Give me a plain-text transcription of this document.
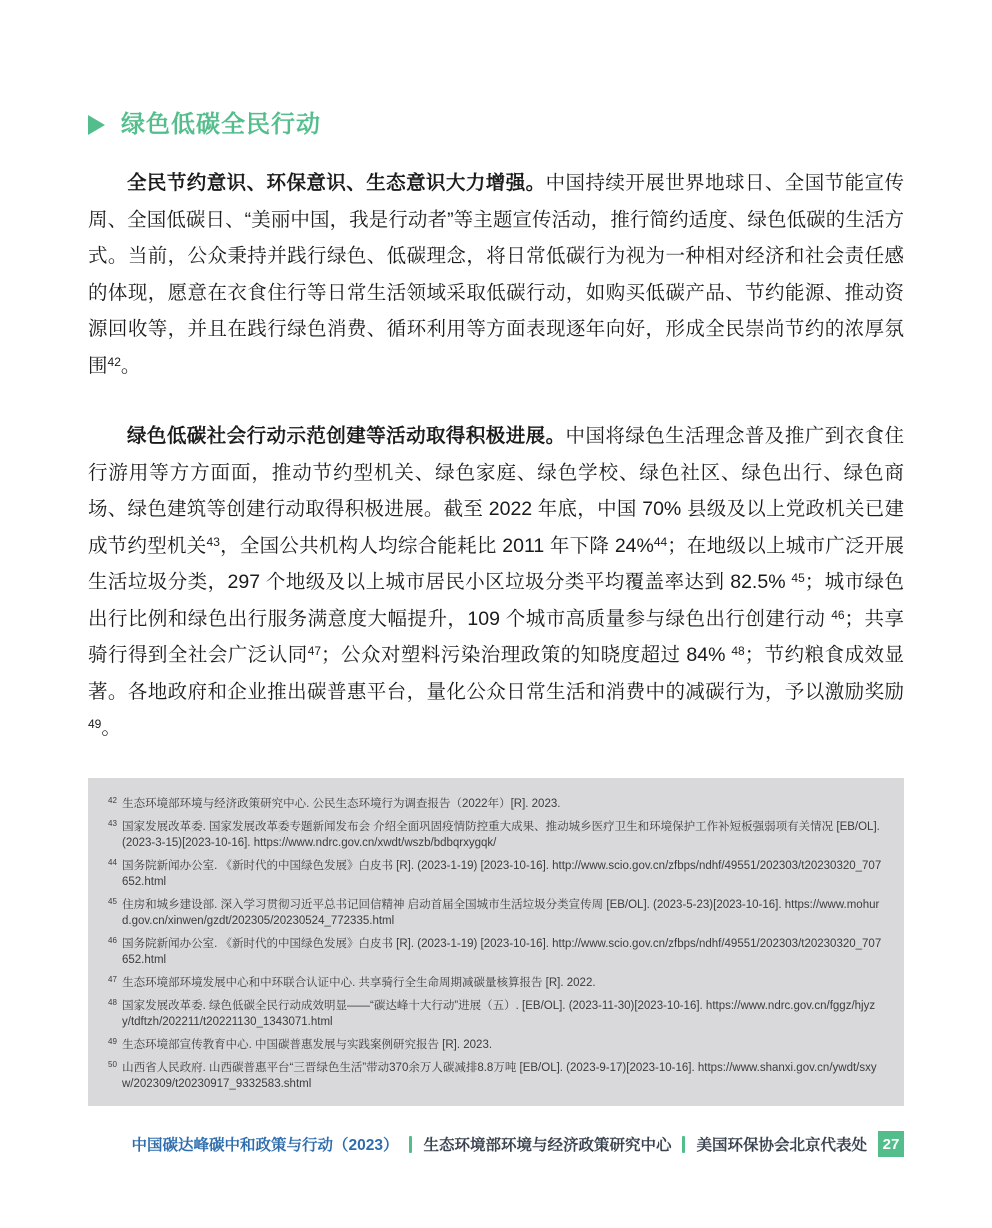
绿色低碳全民行动

全民节约意识、环保意识、生态意识大力增强。中国持续开展世界地球日、全国节能宣传周、全国低碳日、“美丽中国，我是行动者”等主题宣传活动，推行简约适度、绿色低碳的生活方式。当前，公众秉持并践行绿色、低碳理念，将日常低碳行为视为一种相对经济和社会责任感的体现，愿意在衣食住行等日常生活领域采取低碳行动，如购买低碳产品、节约能源、推动资源回收等，并且在践行绿色消费、循环利用等方面表现逐年向好，形成全民崇尚节约的浓厚氛围$^{42}$。

绿色低碳社会行动示范创建等活动取得积极进展。中国将绿色生活理念普及推广到衣食住行游用等方方面面，推动节约型机关、绿色家庭、绿色学校、绿色社区、绿色出行、绿色商场、绿色建筑等创建行动取得积极进展。截至 2022 年底，中国 70% 县级及以上党政机关已建成节约型机关$^{43}$，全国公共机构人均综合能耗比 2011 年下降 24%$^{44}$；在地级以上城市广泛开展生活垃圾分类，297 个地级及以上城市居民小区垃圾分类平均覆盖率达到 82.5% $^{45}$；城市绿色出行比例和绿色出行服务满意度大幅提升，109 个城市高质量参与绿色出行创建行动 $^{46}$；共享骑行得到全社会广泛认同$^{47}$；公众对塑料污染治理政策的知晓度超过 84% $^{48}$；节约粮食成效显著。各地政府和企业推出碳普惠平台，量化公众日常生活和消费中的减碳行为，予以激励奖励$^{49}$。

$^{42}$ 生态环境部环境与经济政策研究中心. 公民生态环境行为调查报告（2022年）[R]. 2023.
$^{43}$ 国家发展改革委. 国家发展改革委专题新闻发布会 介绍全面巩固疫情防控重大成果、推动城乡医疗卫生和环境保护工作补短板强弱项有关情况 [EB/OL]. (2023-3-15)[2023-10-16]. https://www.ndrc.gov.cn/xwdt/wszb/bdbqrxygqk/
$^{44}$ 国务院新闻办公室. 《新时代的中国绿色发展》白皮书 [R]. (2023-1-19) [2023-10-16]. http://www.scio.gov.cn/zfbps/ndhf/49551/202303/t20230320_707652.html
$^{45}$ 住房和城乡建设部. 深入学习贯彻习近平总书记回信精神 启动首届全国城市生活垃圾分类宣传周 [EB/OL]. (2023-5-23)[2023-10-16]. https://www.mohurd.gov.cn/xinwen/gzdt/202305/20230524_772335.html
$^{46}$ 国务院新闻办公室. 《新时代的中国绿色发展》白皮书 [R]. (2023-1-19) [2023-10-16]. http://www.scio.gov.cn/zfbps/ndhf/49551/202303/t20230320_707652.html
$^{47}$ 生态环境部环境发展中心和中环联合认证中心. 共享骑行全生命周期减碳量核算报告 [R]. 2022.
$^{48}$ 国家发展改革委. 绿色低碳全民行动成效明显——“碳达峰十大行动”进展（五）. [EB/OL]. (2023-11-30)[2023-10-16]. https://www.ndrc.gov.cn/fggz/hjyzy/tdftzh/202211/t20221130_1343071.html
$^{49}$ 生态环境部宣传教育中心. 中国碳普惠发展与实践案例研究报告 [R]. 2023.
$^{50}$ 山西省人民政府. 山西碳普惠平台“三晋绿色生活”带动370余万人碳减排8.8万吨 [EB/OL]. (2023-9-17)[2023-10-16]. https://www.shanxi.gov.cn/ywdt/sxyw/202309/t20230917_9332583.shtml
中国碳达峰碳中和政策与行动（2023） 生态环境部环境与经济政策研究中心 美国环保协会北京代表处	27
